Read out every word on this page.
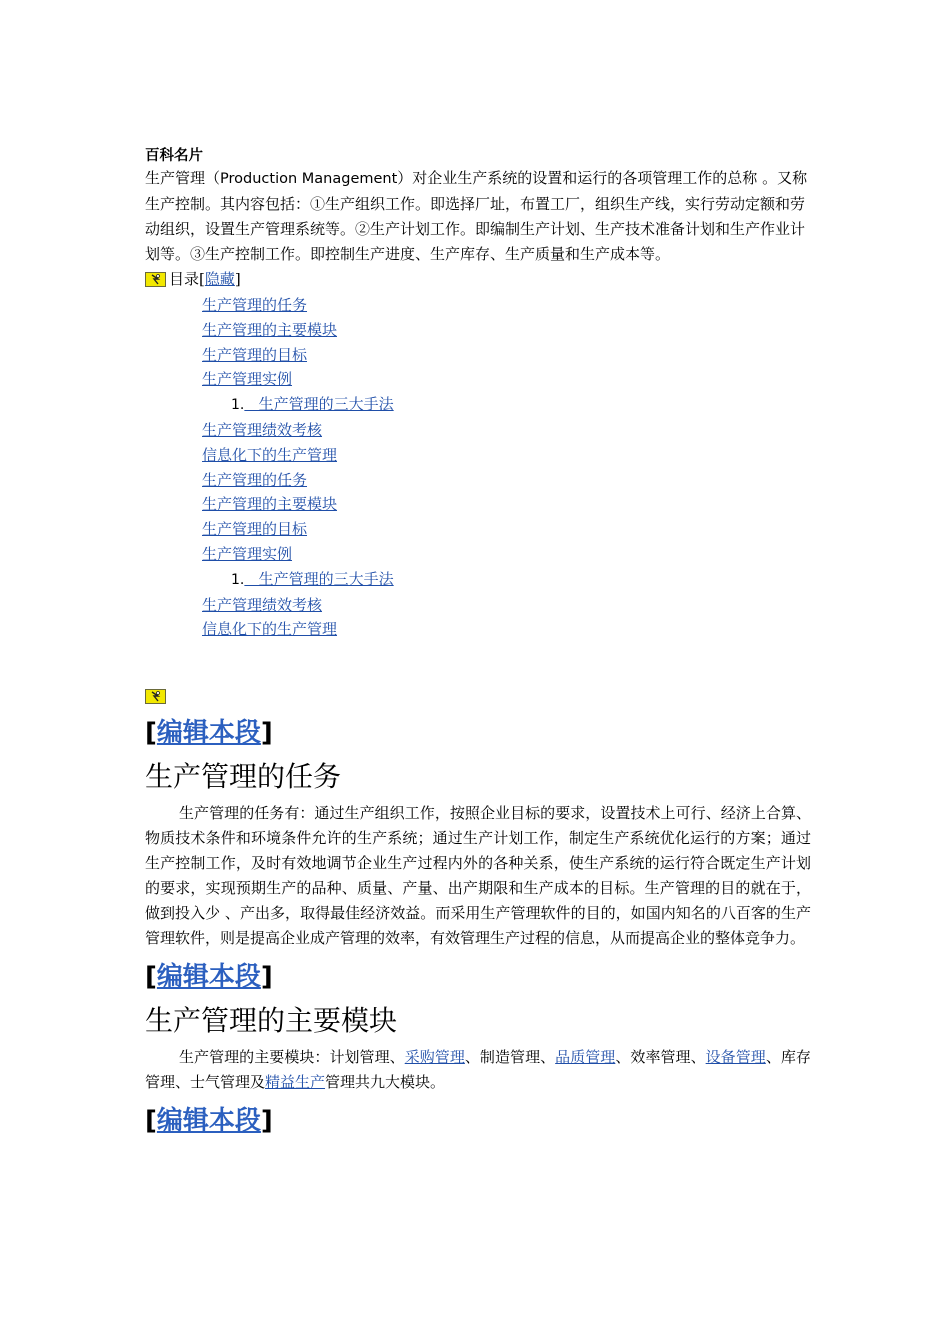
百科名片

生产管理（Production Management）对企业生产系统的设置和运行的各项管理工作的总称 。又称生产控制。其内容包括：①生产组织工作。即选择厂址，布置工厂，组织生产线，实行劳动定额和劳动组织，设置生产管理系统等。②生产计划工作。即编制生产计划、生产技术准备计划和生产作业计划等。③生产控制工作。即控制生产进度、生产库存、生产质量和生产成本等。

目录[ 隐藏 ]
生产管理的任务
生产管理的主要模块
生产管理的目标
生产管理实例
1.   生产管理的三大手法
生产管理绩效考核
信息化下的生产管理
生产管理的任务
生产管理的主要模块
生产管理的目标
生产管理实例
1.   生产管理的三大手法
生产管理绩效考核
信息化下的生产管理
[编辑本段]
生产管理的任务

生产管理的任务有：通过生产组织工作，按照企业目标的要求，设置技术上可行、经济上合算、物质技术条件和环境条件允许的生产系统；通过生产计划工作，制定生产系统优化运行的方案；通过生产控制工作，及时有效地调节企业生产过程内外的各种关系，使生产系统的运行符合既定生产计划的要求，实现预期生产的品种、质量、产量、出产期限和生产成本的目标。生产管理的目的就在于，做到投入少 、产出多，取得最佳经济效益。而采用生产管理软件的目的，如国内知名的八百客的生产管理软件，则是提高企业成产管理的效率，有效管理生产过程的信息，从而提高企业的整体竞争力。

[编辑本段]
生产管理的主要模块

生产管理的主要模块：计划管理、采购管理、制造管理、品质管理、效率管理、设备管理、库存管理、士气管理及精益生产管理共九大模块。

[编辑本段]
